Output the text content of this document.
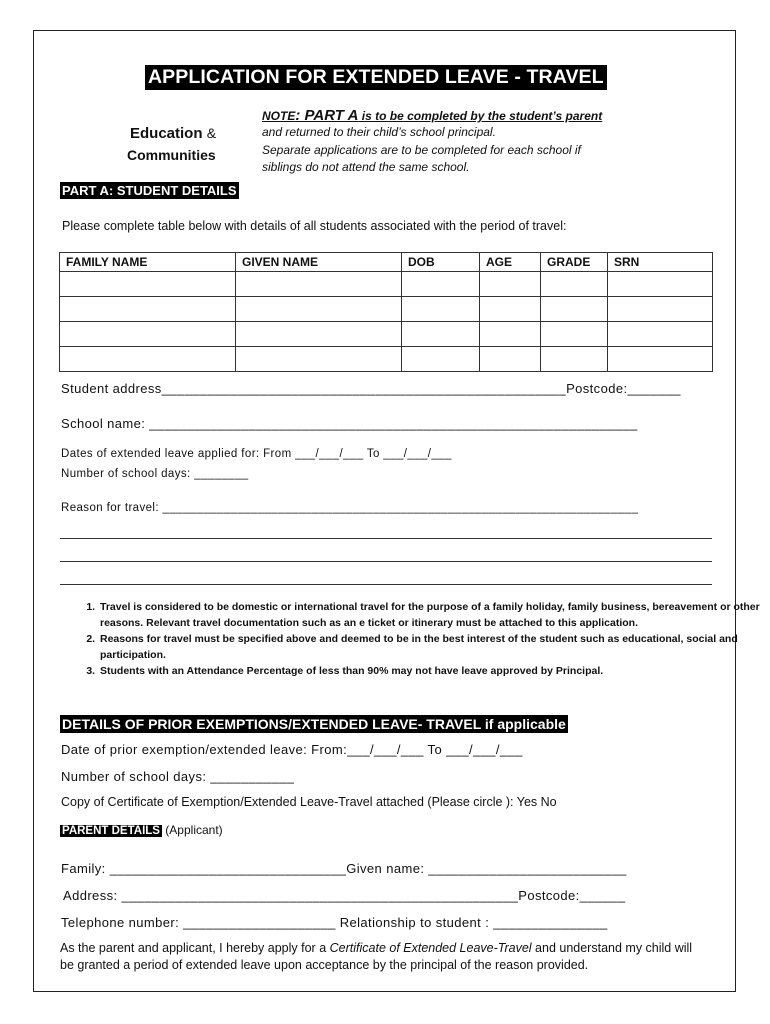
APPLICATION FOR EXTENDED LEAVE - TRAVEL
Education &
Communities
NOTE: PART A is to be completed by the student’s parent
and returned to their child’s school principal.
Separate applications are to be completed for each school if
siblings do not attend the same school.
PART A: STUDENT DETAILS
Please complete table below with details of all students associated with the period of travel:
FAMILY NAME	GIVEN NAME	DOB	AGE	GRADE	SRN

Student address_____________________________________________________Postcode:_______
School name: ________________________________________________________________
Dates of extended leave applied for: From ___/___/___ To ___/___/___
Number of school days: ________
Reason for travel: ______________________________________________________________________
1. Travel is considered to be domestic or international travel for the purpose of a family holiday, family business, bereavement or other reasons. Relevant travel documentation such as an e ticket or itinerary must be attached to this application.
2. Reasons for travel must be specified above and deemed to be in the best interest of the student such as educational, social and participation.
3. Students with an Attendance Percentage of less than 90% may not have leave approved by Principal.
DETAILS OF PRIOR EXEMPTIONS/EXTENDED LEAVE- TRAVEL if applicable
Date of prior exemption/extended leave: From:___/___/___ To ___/___/___
Number of school days: ___________
Copy of Certificate of Exemption/Extended Leave-Travel attached (Please circle ): Yes No
PARENT DETAILS (Applicant)
Family: _______________________________Given name: __________________________
Address: ____________________________________________________Postcode:______
Telephone number: ____________________ Relationship to student : _______________
As the parent and applicant, I hereby apply for a Certificate of Extended Leave-Travel and understand my child will be granted a period of extended leave upon acceptance by the principal of the reason provided.
